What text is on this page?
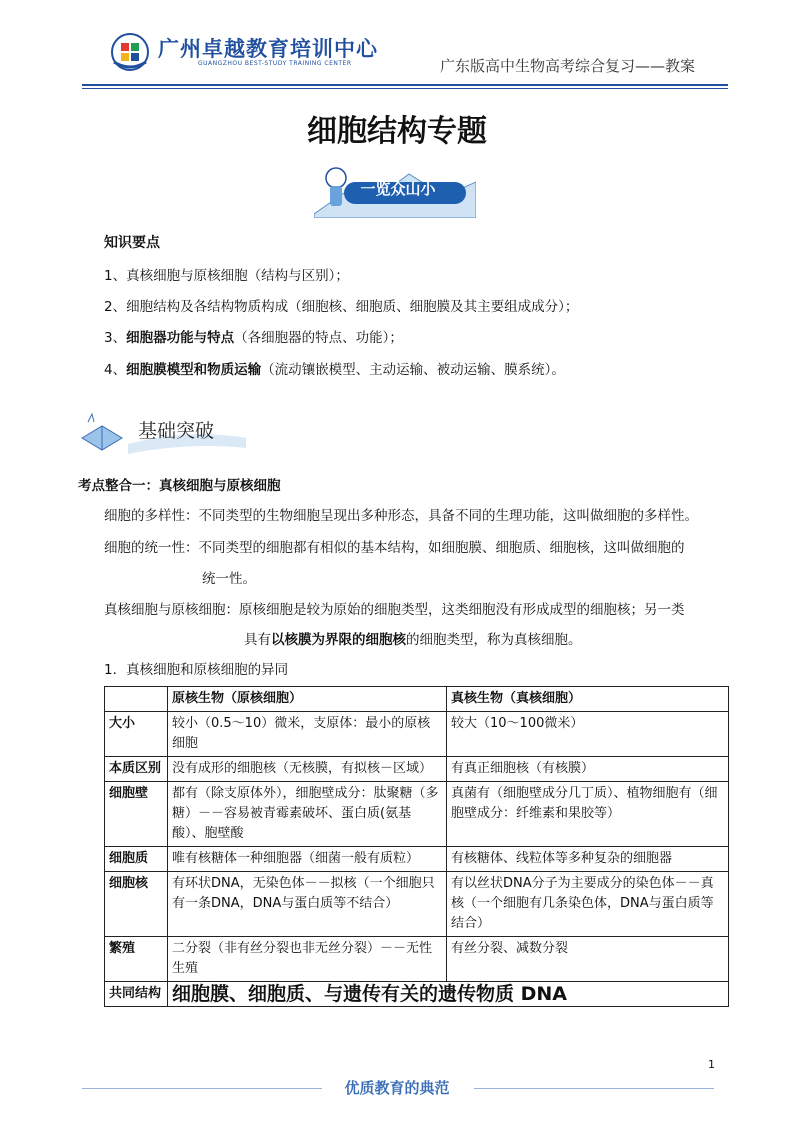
广州卓越教育培训中心
GUANGZHOU BEST-STUDY TRAINING CENTER	广东版高中生物高考综合复习——教案
细胞结构专题
一览众山小
知识要点
1、真核细胞与原核细胞（结构与区别）；
2、细胞结构及各结构物质构成（细胞核、细胞质、细胞膜及其主要组成成分）；
3、细胞器功能与特点（各细胞器的特点、功能）；
4、细胞膜模型和物质运输（流动镶嵌模型、主动运输、被动运输、膜系统）。
基础突破
考点整合一：真核细胞与原核细胞
细胞的多样性：不同类型的生物细胞呈现出多种形态，具备不同的生理功能，这叫做细胞的多样性。
细胞的统一性：不同类型的细胞都有相似的基本结构，如细胞膜、细胞质、细胞核，这叫做细胞的
统一性。
真核细胞与原核细胞：原核细胞是较为原始的细胞类型，这类细胞没有形成成型的细胞核；另一类
具有以核膜为界限的细胞核的细胞类型，称为真核细胞。
1．真核细胞和原核细胞的异同
	原核生物（原核细胞）	真核生物（真核细胞）
大小	较小（0.5～10）微米，支原体：最小的原核细胞	较大（10～100微米）
本质区别	没有成形的细胞核（无核膜，有拟核－区域）	有真正细胞核（有核膜）
细胞壁	都有（除支原体外），细胞壁成分：肽聚糖（多糖）－－容易被青霉素破坏、蛋白质(氨基酸）、胞壁酸	真菌有（细胞壁成分几丁质）、植物细胞有（细胞壁成分：纤维素和果胶等）
细胞质	唯有核糖体一种细胞器（细菌一般有质粒）	有核糖体、线粒体等多种复杂的细胞器
细胞核	有环状DNA，无染色体－－拟核（一个细胞只有一条DNA，DNA与蛋白质等不结合）	有以丝状DNA分子为主要成分的染色体－－真核（一个细胞有几条染色体，DNA与蛋白质等结合）
繁殖	二分裂（非有丝分裂也非无丝分裂）－－无性生殖	有丝分裂、减数分裂
共同结构	细胞膜、细胞质、与遗传有关的遗传物质 DNA	
1
优质教育的典范
